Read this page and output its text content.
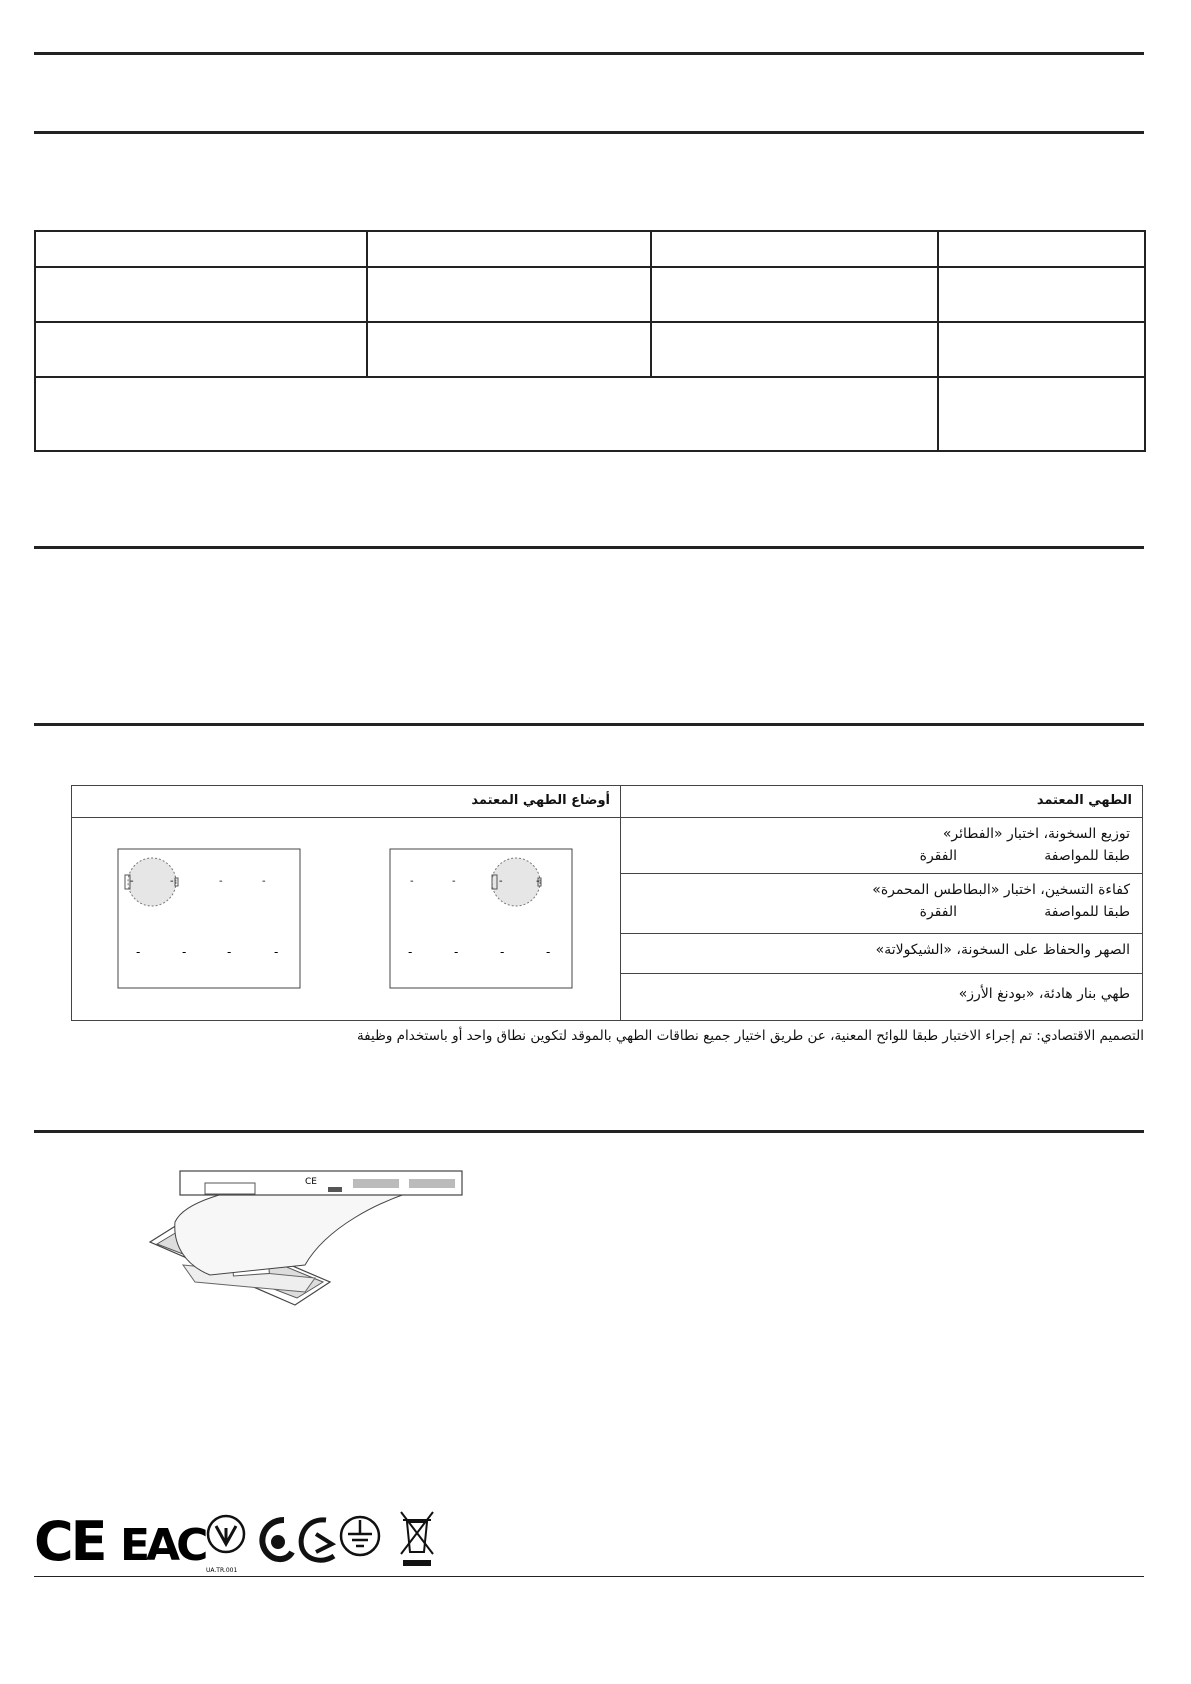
أوضاع الطهي المعتمد	الطهي المعتمد
-	-	-	-
-	-	-	-
-	-	-	-
-	-	-	-
توزيع السخونة، اختبار «الفطائر»
طبقا للمواصفة
الفقرة
كفاءة التسخين، اختبار «البطاطس المحمرة»
طبقا للمواصفة
الفقرة
الصهر والحفاظ على السخونة، «الشيكولاتة»
طهي بنار هادئة، «بودنغ الأرز»
التصميم الاقتصادي: تم إجراء الاختبار طبقا للوائح المعنية، عن طريق اختيار جميع نطاقات الطهي بالموقد لتكوين نطاق واحد أو باستخدام وظيفة
CE
CE EAC UA.TR.001
